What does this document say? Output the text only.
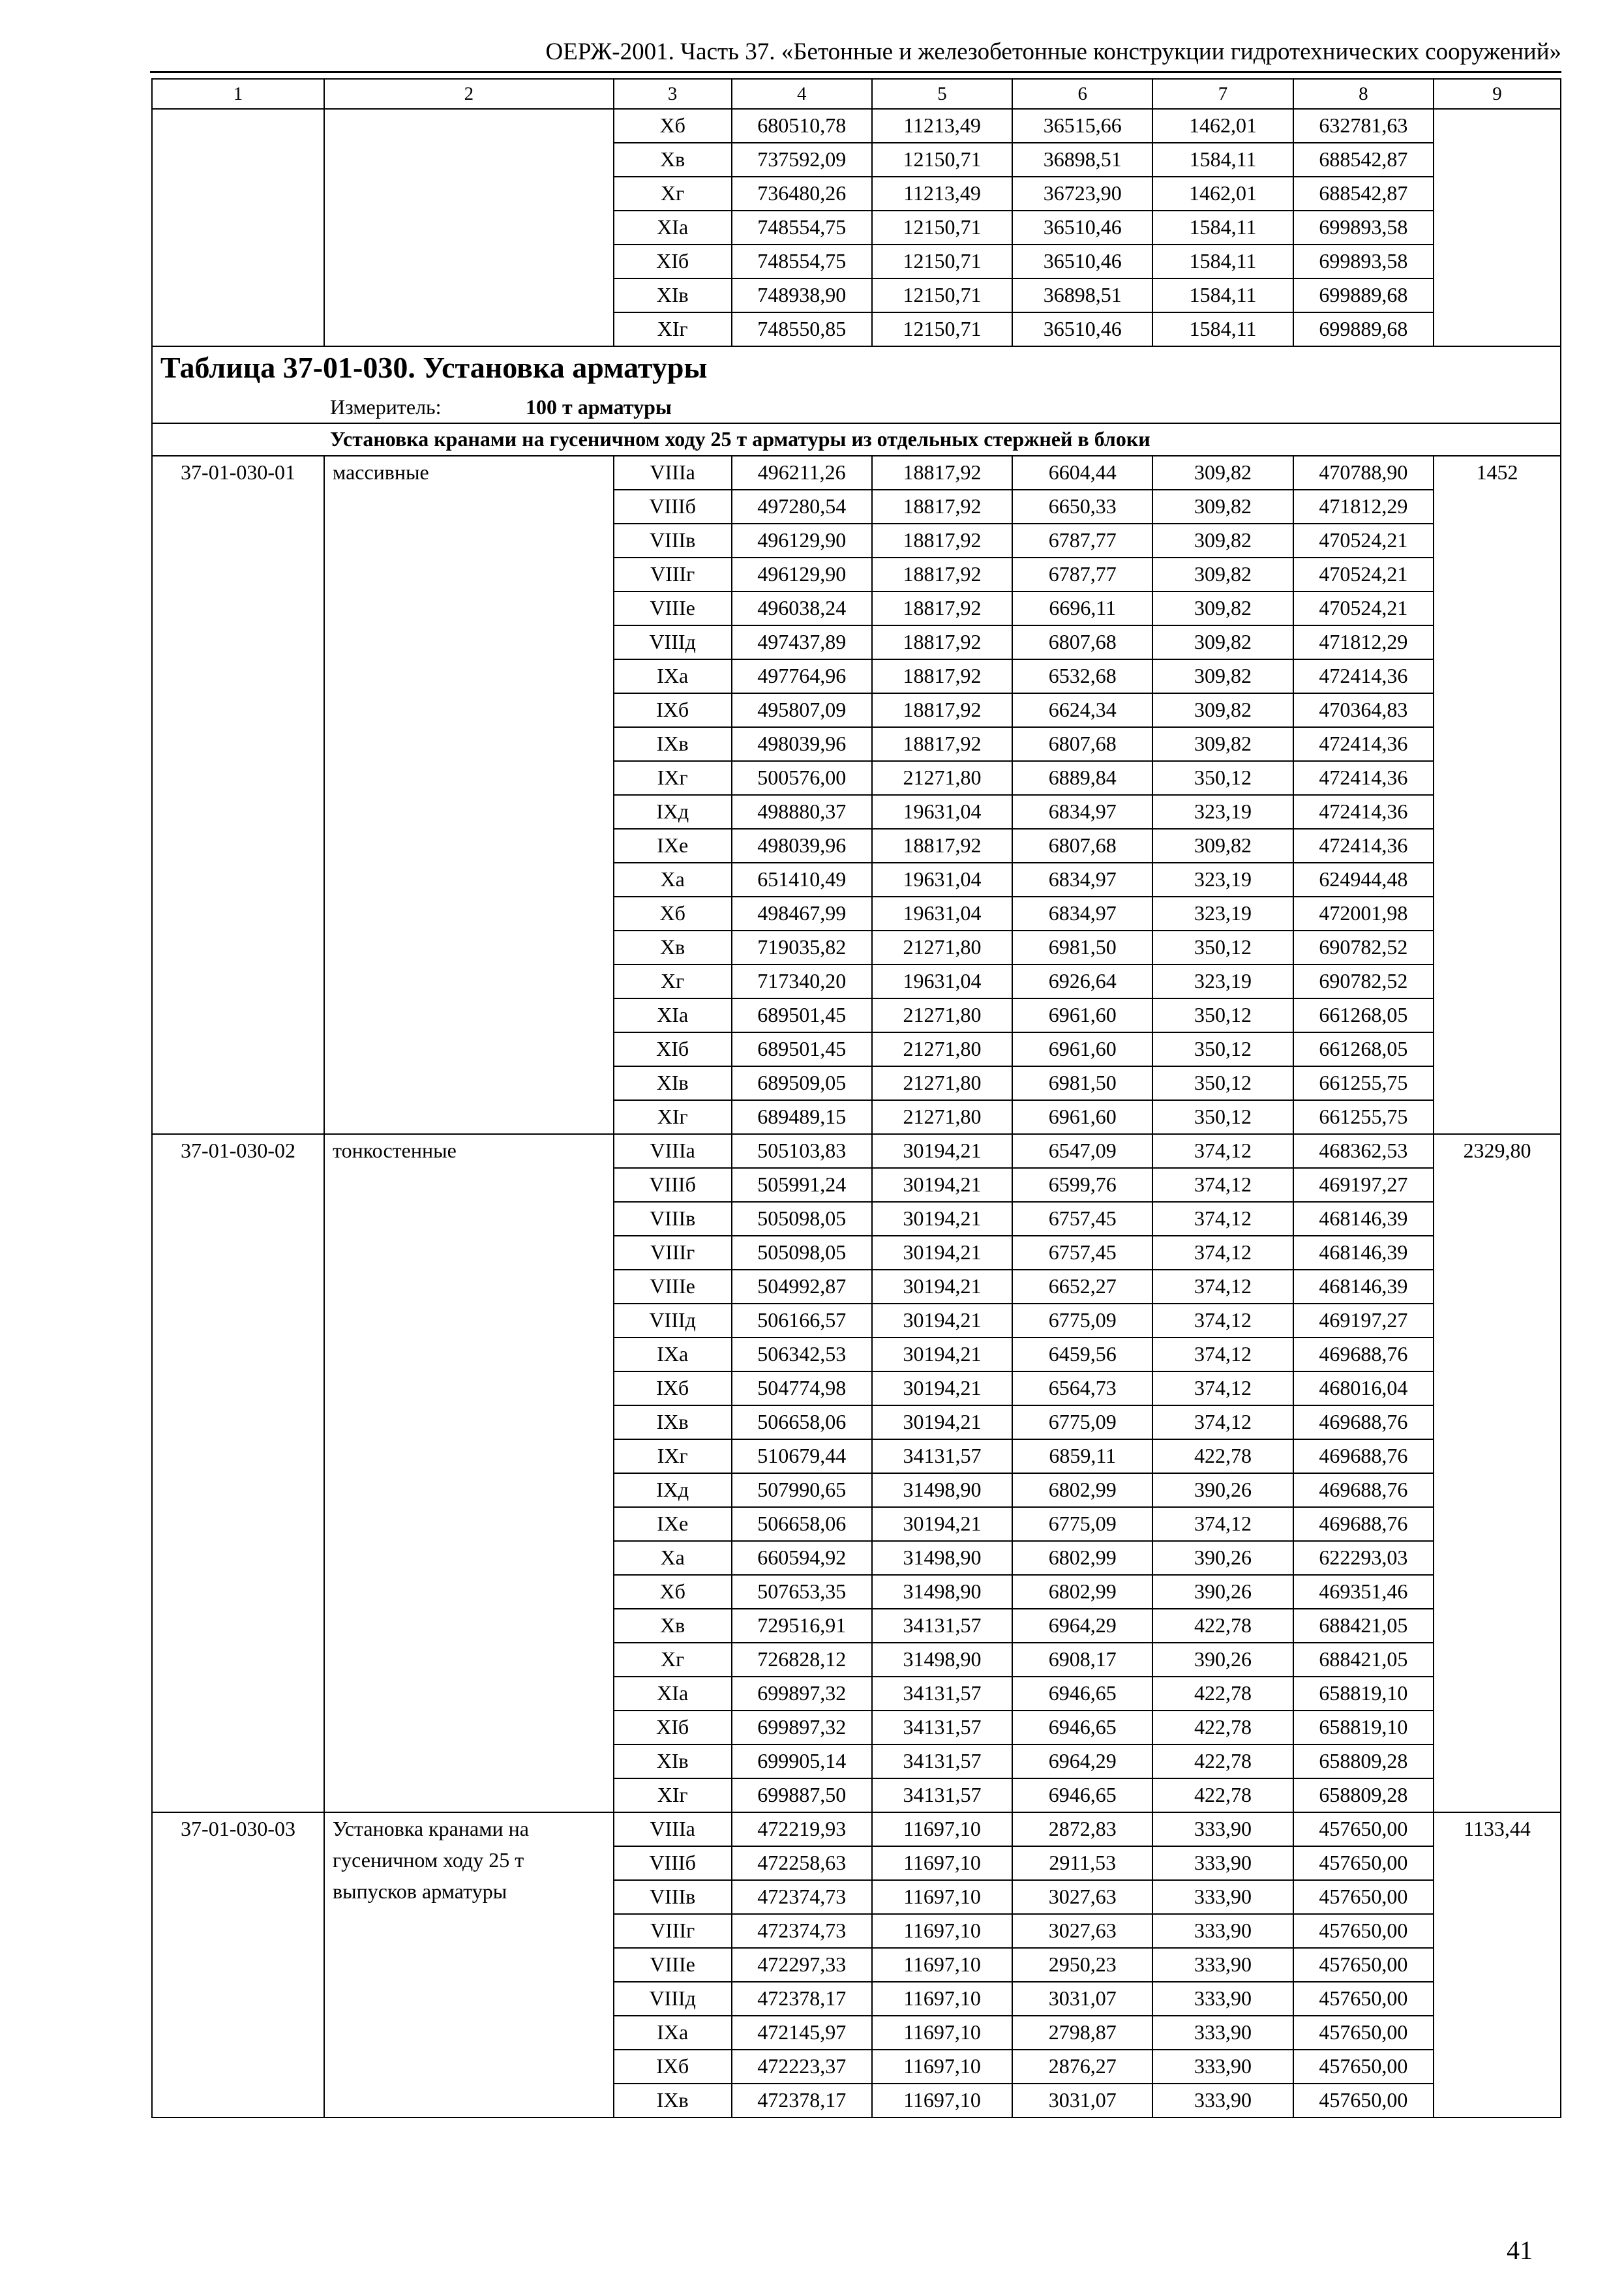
ОЕРЖ-2001. Часть 37. «Бетонные и железобетонные конструкции гидротехнических сооружений»
1	2	3	4	5	6	7	8	9
		Хб	680510,78	11213,49	36515,66	1462,01	632781,63	
		Хв	737592,09	12150,71	36898,51	1584,11	688542,87	
		Хг	736480,26	11213,49	36723,90	1462,01	688542,87	
		ХIа	748554,75	12150,71	36510,46	1584,11	699893,58	
		ХIб	748554,75	12150,71	36510,46	1584,11	699893,58	
		ХIв	748938,90	12150,71	36898,51	1584,11	699889,68	
		ХIг	748550,85	12150,71	36510,46	1584,11	699889,68	
Таблица 37-01-030. Установка арматуры								
Измеритель: 100 т арматуры								
Установка кранами на гусеничном ходу 25 т арматуры из отдельных стержней в блоки								
37-01-030-01	массивные	VIIIа	496211,26	18817,92	6604,44	309,82	470788,90	1452
		VIIIб	497280,54	18817,92	6650,33	309,82	471812,29	
		VIIIв	496129,90	18817,92	6787,77	309,82	470524,21	
		VIIIг	496129,90	18817,92	6787,77	309,82	470524,21	
		VIIIе	496038,24	18817,92	6696,11	309,82	470524,21	
		VIIIд	497437,89	18817,92	6807,68	309,82	471812,29	
		IХа	497764,96	18817,92	6532,68	309,82	472414,36	
		IХб	495807,09	18817,92	6624,34	309,82	470364,83	
		IХв	498039,96	18817,92	6807,68	309,82	472414,36	
		IХг	500576,00	21271,80	6889,84	350,12	472414,36	
		IХд	498880,37	19631,04	6834,97	323,19	472414,36	
		IХе	498039,96	18817,92	6807,68	309,82	472414,36	
		Ха	651410,49	19631,04	6834,97	323,19	624944,48	
		Хб	498467,99	19631,04	6834,97	323,19	472001,98	
		Хв	719035,82	21271,80	6981,50	350,12	690782,52	
		Хг	717340,20	19631,04	6926,64	323,19	690782,52	
		ХIа	689501,45	21271,80	6961,60	350,12	661268,05	
		ХIб	689501,45	21271,80	6961,60	350,12	661268,05	
		ХIв	689509,05	21271,80	6981,50	350,12	661255,75	
		ХIг	689489,15	21271,80	6961,60	350,12	661255,75	
37-01-030-02	тонкостенные	VIIIа	505103,83	30194,21	6547,09	374,12	468362,53	2329,80
		VIIIб	505991,24	30194,21	6599,76	374,12	469197,27	
		VIIIв	505098,05	30194,21	6757,45	374,12	468146,39	
		VIIIг	505098,05	30194,21	6757,45	374,12	468146,39	
		VIIIе	504992,87	30194,21	6652,27	374,12	468146,39	
		VIIIд	506166,57	30194,21	6775,09	374,12	469197,27	
		IХа	506342,53	30194,21	6459,56	374,12	469688,76	
		IХб	504774,98	30194,21	6564,73	374,12	468016,04	
		IХв	506658,06	30194,21	6775,09	374,12	469688,76	
		IХг	510679,44	34131,57	6859,11	422,78	469688,76	
		IХд	507990,65	31498,90	6802,99	390,26	469688,76	
		IХе	506658,06	30194,21	6775,09	374,12	469688,76	
		Ха	660594,92	31498,90	6802,99	390,26	622293,03	
		Хб	507653,35	31498,90	6802,99	390,26	469351,46	
		Хв	729516,91	34131,57	6964,29	422,78	688421,05	
		Хг	726828,12	31498,90	6908,17	390,26	688421,05	
		ХIа	699897,32	34131,57	6946,65	422,78	658819,10	
		ХIб	699897,32	34131,57	6946,65	422,78	658819,10	
		ХIв	699905,14	34131,57	6964,29	422,78	658809,28	
		ХIг	699887,50	34131,57	6946,65	422,78	658809,28	
37-01-030-03	Установка кранами на гусеничном ходу 25 т выпусков арматуры	VIIIа	472219,93	11697,10	2872,83	333,90	457650,00	1133,44
		VIIIб	472258,63	11697,10	2911,53	333,90	457650,00	
		VIIIв	472374,73	11697,10	3027,63	333,90	457650,00	
		VIIIг	472374,73	11697,10	3027,63	333,90	457650,00	
		VIIIе	472297,33	11697,10	2950,23	333,90	457650,00	
		VIIIд	472378,17	11697,10	3031,07	333,90	457650,00	
		IХа	472145,97	11697,10	2798,87	333,90	457650,00	
		IХб	472223,37	11697,10	2876,27	333,90	457650,00	
		IХв	472378,17	11697,10	3031,07	333,90	457650,00	
41
